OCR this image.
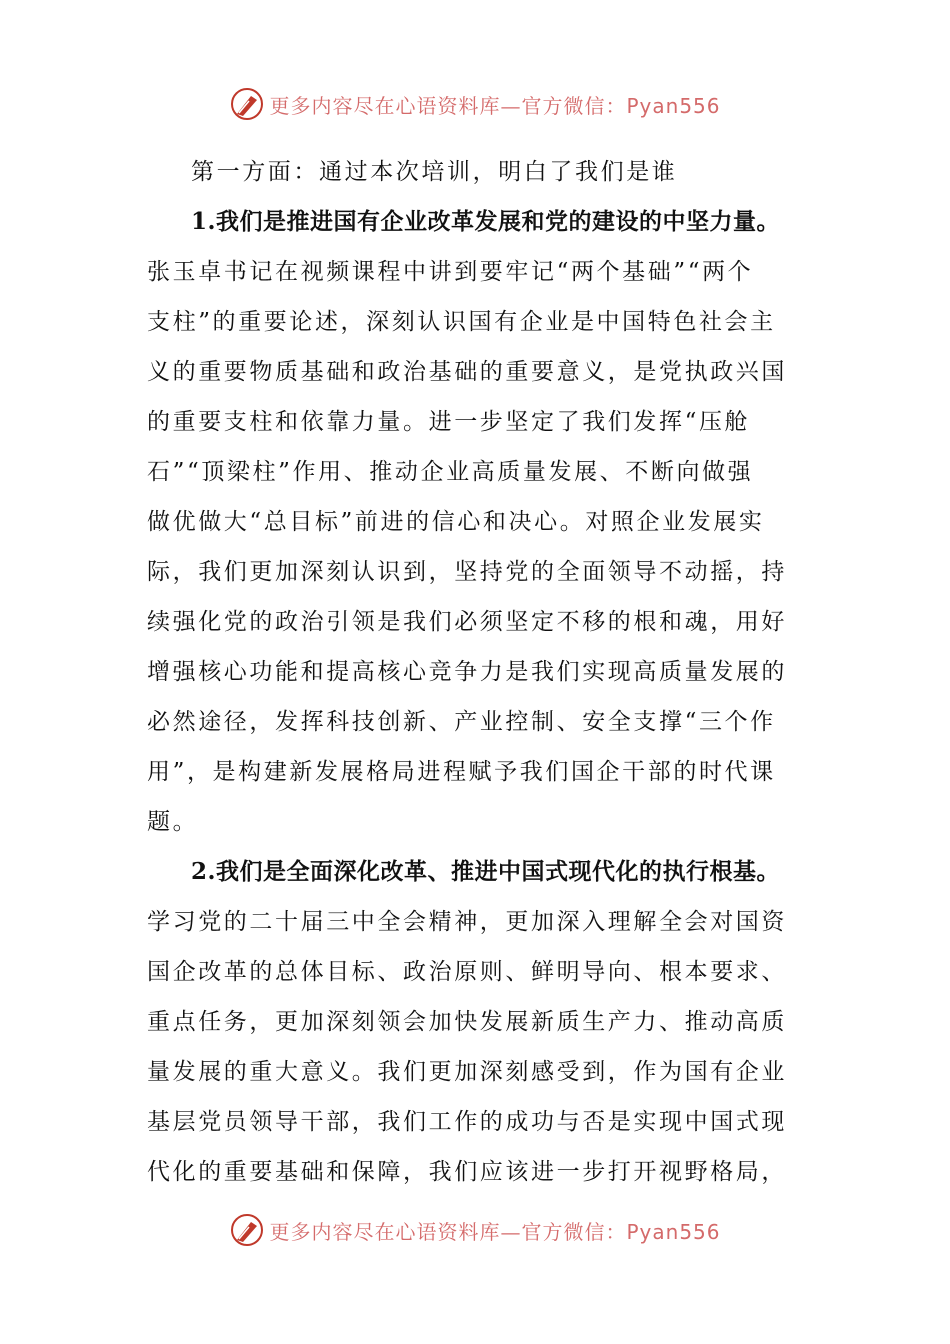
更多内容尽在心语资料库—官方微信：Pyan556
第一方面：通过本次培训，明白了我们是谁
1.我们是推进国有企业改革发展和党的建设的中坚力量。
张玉卓书记在视频课程中讲到要牢记“两个基础”“两个
支柱”的重要论述，深刻认识国有企业是中国特色社会主
义的重要物质基础和政治基础的重要意义，是党执政兴国
的重要支柱和依靠力量。进一步坚定了我们发挥“压舱
石”“顶梁柱”作用、推动企业高质量发展、不断向做强
做优做大“总目标”前进的信心和决心。对照企业发展实
际，我们更加深刻认识到，坚持党的全面领导不动摇，持
续强化党的政治引领是我们必须坚定不移的根和魂，用好
增强核心功能和提高核心竞争力是我们实现高质量发展的
必然途径，发挥科技创新、产业控制、安全支撑“三个作
用”，是构建新发展格局进程赋予我们国企干部的时代课
题。
2.我们是全面深化改革、推进中国式现代化的执行根基。
学习党的二十届三中全会精神，更加深入理解全会对国资
国企改革的总体目标、政治原则、鲜明导向、根本要求、
重点任务，更加深刻领会加快发展新质生产力、推动高质
量发展的重大意义。我们更加深刻感受到，作为国有企业
基层党员领导干部，我们工作的成功与否是实现中国式现
代化的重要基础和保障，我们应该进一步打开视野格局，
更多内容尽在心语资料库—官方微信：Pyan556
